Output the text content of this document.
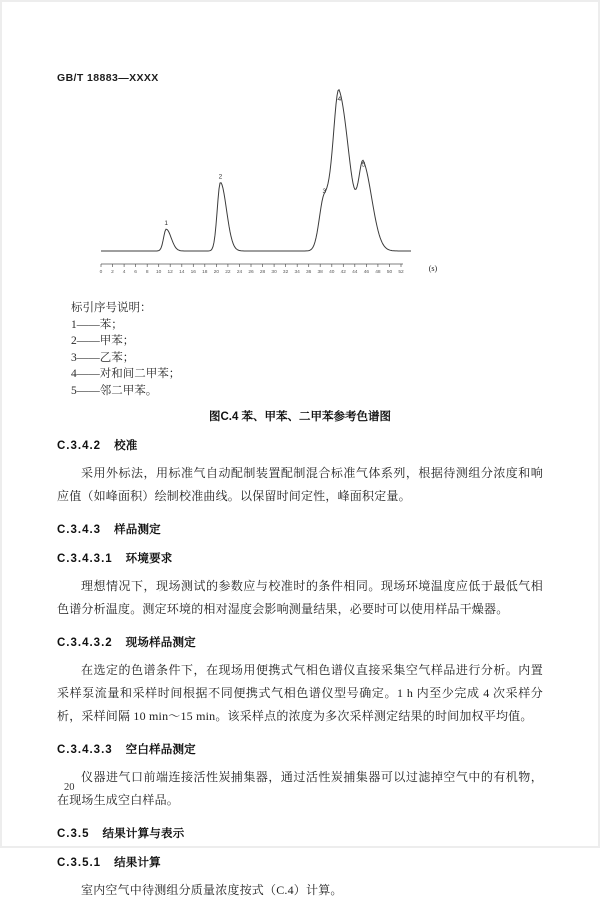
GB/T 18883—XXXX
1
2
3
4
5
0 2 4 6 8 10 12 14 16 18 20 22 24 26 28 30 32 34 36 38 40 42 44 46 48 50 52	(s)
标引序号说明：
1——苯；
2——甲苯；
3——乙苯；
4——对和间二甲苯；
5——邻二甲苯。
图C.4 苯、甲苯、二甲苯参考色谱图
C.3.4.2 校准

采用外标法，用标准气自动配制装置配制混合标准气体系列，根据待测组分浓度和响应值（如峰面积）绘制校准曲线。以保留时间定性，峰面积定量。

C.3.4.3 样品测定
C.3.4.3.1 环境要求

理想情况下，现场测试的参数应与校准时的条件相同。现场环境温度应低于最低气相色谱分析温度。测定环境的相对湿度会影响测量结果，必要时可以使用样品干燥器。

C.3.4.3.2 现场样品测定

在选定的色谱条件下，在现场用便携式气相色谱仪直接采集空气样品进行分析。内置采样泵流量和采样时间根据不同便携式气相色谱仪型号确定。1 h 内至少完成 4 次采样分析，采样间隔 10 min～15 min。该采样点的浓度为多次采样测定结果的时间加权平均值。

C.3.4.3.3 空白样品测定

仪器进气口前端连接活性炭捕集器，通过活性炭捕集器可以过滤掉空气中的有机物，在现场生成空白样品。

C.3.5 结果计算与表示
C.3.5.1 结果计算

室内空气中待测组分质量浓度按式（C.4）计算。

20
